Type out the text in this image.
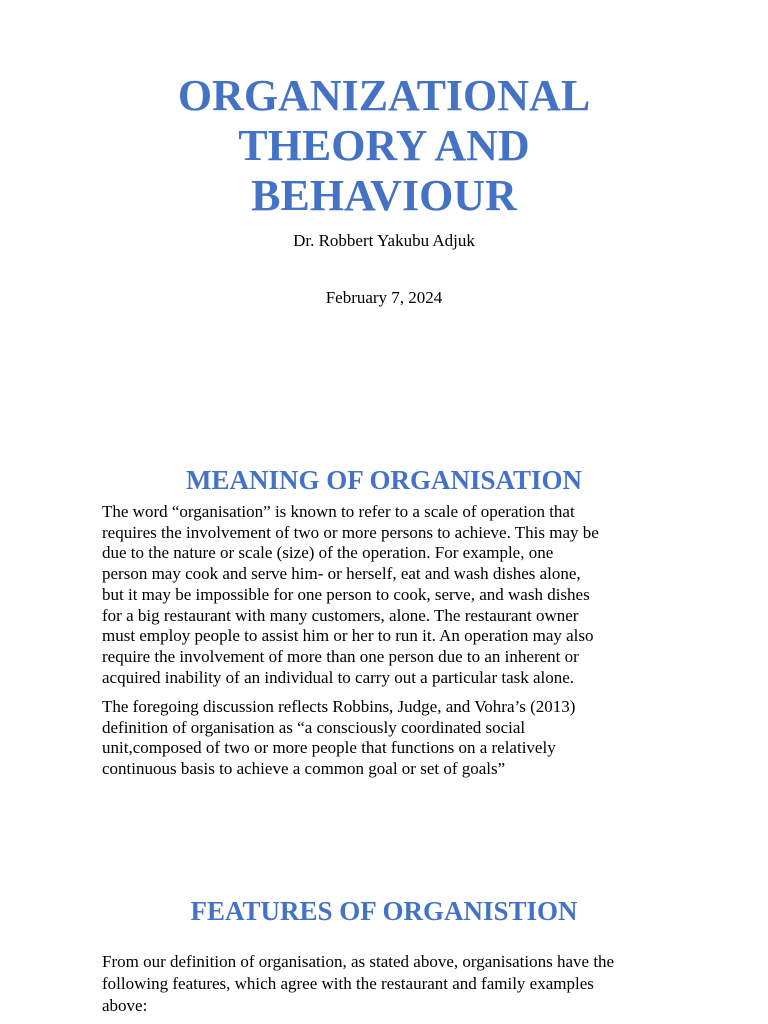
ORGANIZATIONAL
THEORY AND
BEHAVIOUR
Dr. Robbert Yakubu Adjuk
February 7, 2024
MEANING OF ORGANISATION

The word “organisation” is known to refer to a scale of operation that
requires the involvement of two or more persons to achieve. This may be
due to the nature or scale (size) of the operation. For example, one
person may cook and serve him- or herself, eat and wash dishes alone,
but it may be impossible for one person to cook, serve, and wash dishes
for a big restaurant with many customers, alone. The restaurant owner
must employ people to assist him or her to run it. An operation may also
require the involvement of more than one person due to an inherent or
acquired inability of an individual to carry out a particular task alone.

The foregoing discussion reflects Robbins, Judge, and Vohra’s (2013)
definition of organisation as “a consciously coordinated social
unit,composed of two or more people that functions on a relatively
continuous basis to achieve a common goal or set of goals”

FEATURES OF ORGANISTION

From our definition of organisation, as stated above, organisations have the
following features, which agree with the restaurant and family examples
above:
